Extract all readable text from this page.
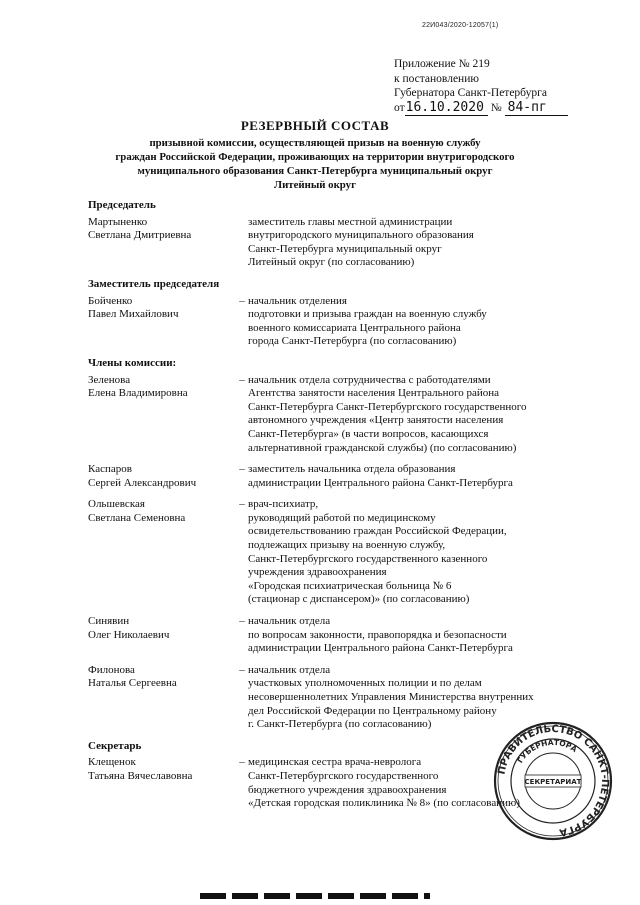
22И043/2020-12057(1)
Приложение № 219
к постановлению
Губернатора Санкт-Петербурга
от16.10.2020 № 84-пг
РЕЗЕРВНЫЙ СОСТАВ
призывной комиссии, осуществляющей призыв на военную службу
граждан Российской Федерации, проживающих на территории внутригородского
муниципального образования Санкт-Петербурга муниципальный округ
Литейный округ
Председатель
Мартыненко
Светлана Дмитриевна
заместитель главы местной администрации
внутригородского муниципального образования
Санкт-Петербурга муниципальный округ
Литейный округ (по согласованию)
Заместитель председателя
Бойченко
Павел Михайлович
– начальник отделения
подготовки и призыва граждан на военную службу
военного комиссариата Центрального района
города Санкт-Петербурга (по согласованию)
Члены комиссии:
Зеленова
Елена Владимировна
– начальник отдела сотрудничества с работодателями
Агентства занятости населения Центрального района
Санкт-Петербурга Санкт-Петербургского государственного
автономного учреждения «Центр занятости населения
Санкт-Петербурга» (в части вопросов, касающихся
альтернативной гражданской службы) (по согласованию)
Каспаров
Сергей Александрович
– заместитель начальника отдела образования
администрации Центрального района Санкт-Петербурга
Ольшевская
Светлана Семеновна
– врач-психиатр,
руководящий работой по медицинскому
освидетельствованию граждан Российской Федерации,
подлежащих призыву на военную службу,
Санкт-Петербургского государственного казенного
учреждения здравоохранения
«Городская психиатрическая больница № 6
(стационар с диспансером)» (по согласованию)
Синявин
Олег Николаевич
– начальник отдела
по вопросам законности, правопорядка и безопасности
администрации Центрального района Санкт-Петербурга
Филонова
Наталья Сергеевна
– начальник отдела
участковых уполномоченных полиции и по делам
несовершеннолетних Управления Министерства внутренних
дел Российской Федерации по Центральному району
г. Санкт-Петербурга (по согласованию)
Секретарь
Клещенок
Татьяна Вячеславовна
– медицинская сестра врача-невролога
Санкт-Петербургского государственного
бюджетного учреждения здравоохранения
«Детская городская поликлиника № 8» (по согласованию)
ПРАВИТЕЛЬСТВО САНКТ-ПЕТЕРБУРГА
ГУБЕРНАТОРА
СЕКРЕТАРИАТ
